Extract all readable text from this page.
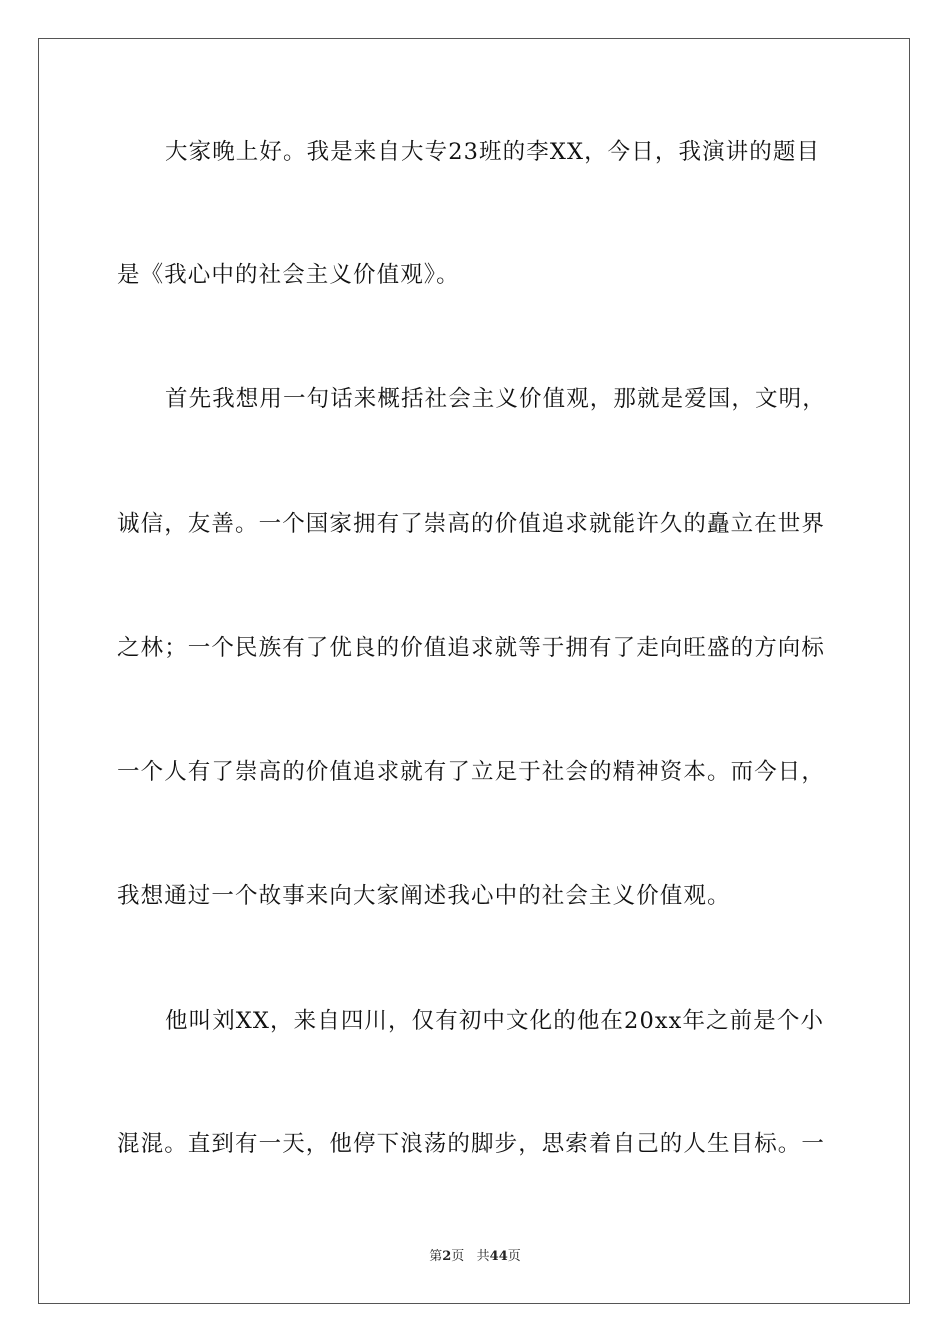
大家晚上好。我是来自大专23班的李XX，今日，我演讲的题目
是《我心中的社会主义价值观》。
首先我想用一句话来概括社会主义价值观，那就是爱国，文明，
诚信，友善。一个国家拥有了崇高的价值追求就能许久的矗立在世界
之林；一个民族有了优良的价值追求就等于拥有了走向旺盛的方向标
一个人有了崇高的价值追求就有了立足于社会的精神资本。而今日，
我想通过一个故事来向大家阐述我心中的社会主义价值观。
他叫刘XX，来自四川，仅有初中文化的他在20xx年之前是个小
混混。直到有一天，他停下浪荡的脚步，思索着自己的人生目标。一
第2页   共44页
